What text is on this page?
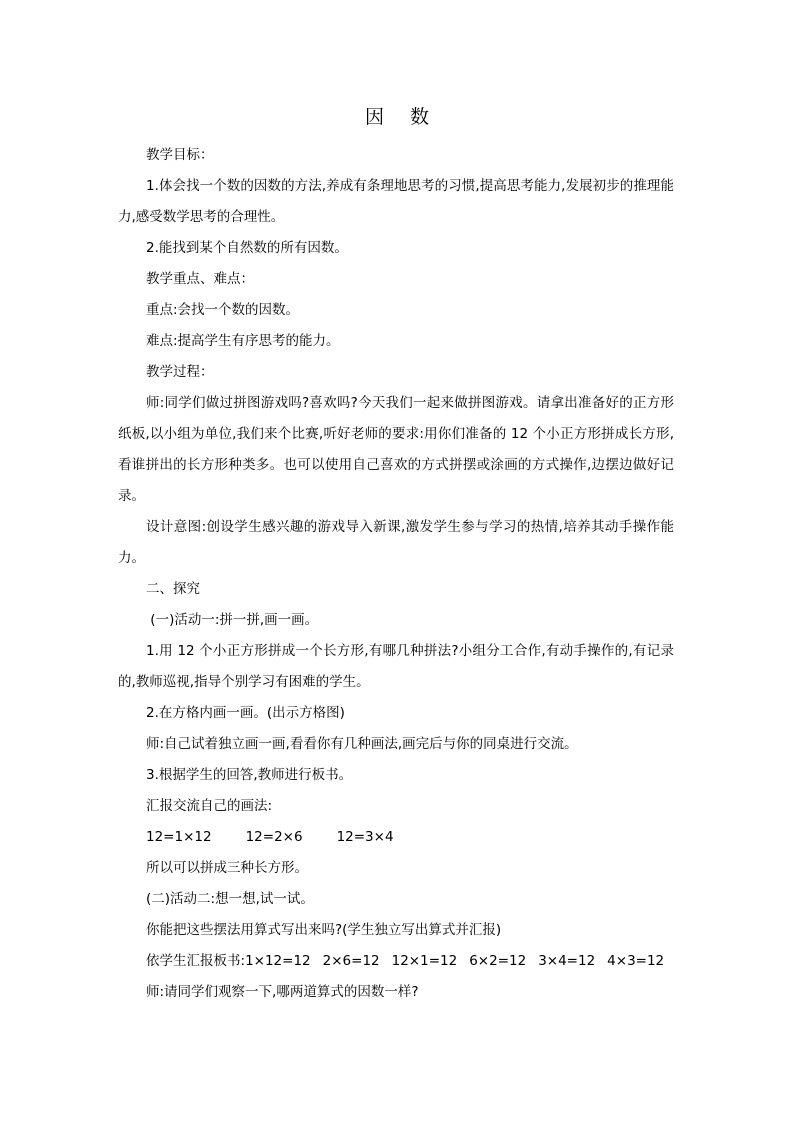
因 数

教学目标：

1.体会找一个数的因数的方法,养成有条理地思考的习惯,提高思考能力,发展初步的推理能力,感受数学思考的合理性。

2.能找到某个自然数的所有因数。

教学重点、难点：

重点:会找一个数的因数。

难点:提高学生有序思考的能力。

教学过程：

师:同学们做过拼图游戏吗?喜欢吗?今天我们一起来做拼图游戏。请拿出准备好的正方形纸板,以小组为单位,我们来个比赛,听好老师的要求:用你们准备的 12 个小正方形拼成长方形,看谁拼出的长方形种类多。也可以使用自己喜欢的方式拼摆或涂画的方式操作,边摆边做好记录。

设计意图:创设学生感兴趣的游戏导入新课,激发学生参与学习的热情,培养其动手操作能力。

二、探究

(一)活动一:拼一拼,画一画。

1.用 12 个小正方形拼成一个长方形,有哪几种拼法?小组分工合作,有动手操作的,有记录的,教师巡视,指导个别学习有困难的学生。

2.在方格内画一画。(出示方格图)

师:自己试着独立画一画,看看你有几种画法,画完后与你的同桌进行交流。

3.根据学生的回答,教师进行板书。

汇报交流自己的画法:

12=1×12	12=2×6	12=3×4

所以可以拼成三种长方形。

(二)活动二:想一想,试一试。

你能把这些摆法用算式写出来吗?(学生独立写出算式并汇报)

依学生汇报板书:1×12=12 2×6=12 12×1=12 6×2=12 3×4=12 4×3=12

师:请同学们观察一下,哪两道算式的因数一样?
